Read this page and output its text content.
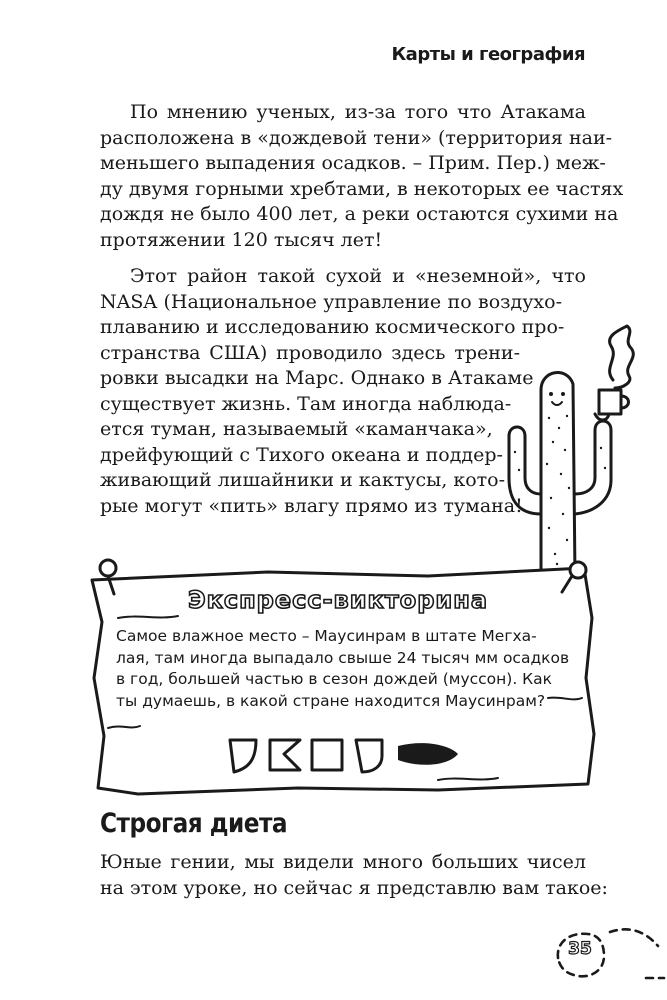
Карты и география
По мнению ученых, из-за того что Атакама
расположена в «дождевой тени» (территория наи-
меньшего выпадения осадков. – Прим. Пер.) меж-
ду двумя горными хребтами, в некоторых ее частях
дождя не было 400 лет, а реки остаются сухими на
протяжении 120 тысяч лет!
Этот район такой сухой и «неземной», что
NASA (Национальное управление по воздухо-
плаванию и исследованию космического про-
странства США) проводило здесь трени-
ровки высадки на Марс. Однако в Атакаме
существует жизнь. Там иногда наблюда-
ется туман, называемый «каманчака»,
дрейфующий с Тихого океана и поддер-
живающий лишайники и кактусы, кото-
рые могут «пить» влагу прямо из тумана!
Экспресс-викторина
Самое влажное место – Маусинрам в штате Мегха-
лая, там иногда выпадало свыше 24 тысяч мм осадков
в год, большей частью в сезон дождей (муссон). Как
ты думаешь, в какой стране находится Маусинрам?
Строгая диета
Юные гении, мы видели много больших чисел
на этом уроке, но сейчас я представлю вам такое:
35
